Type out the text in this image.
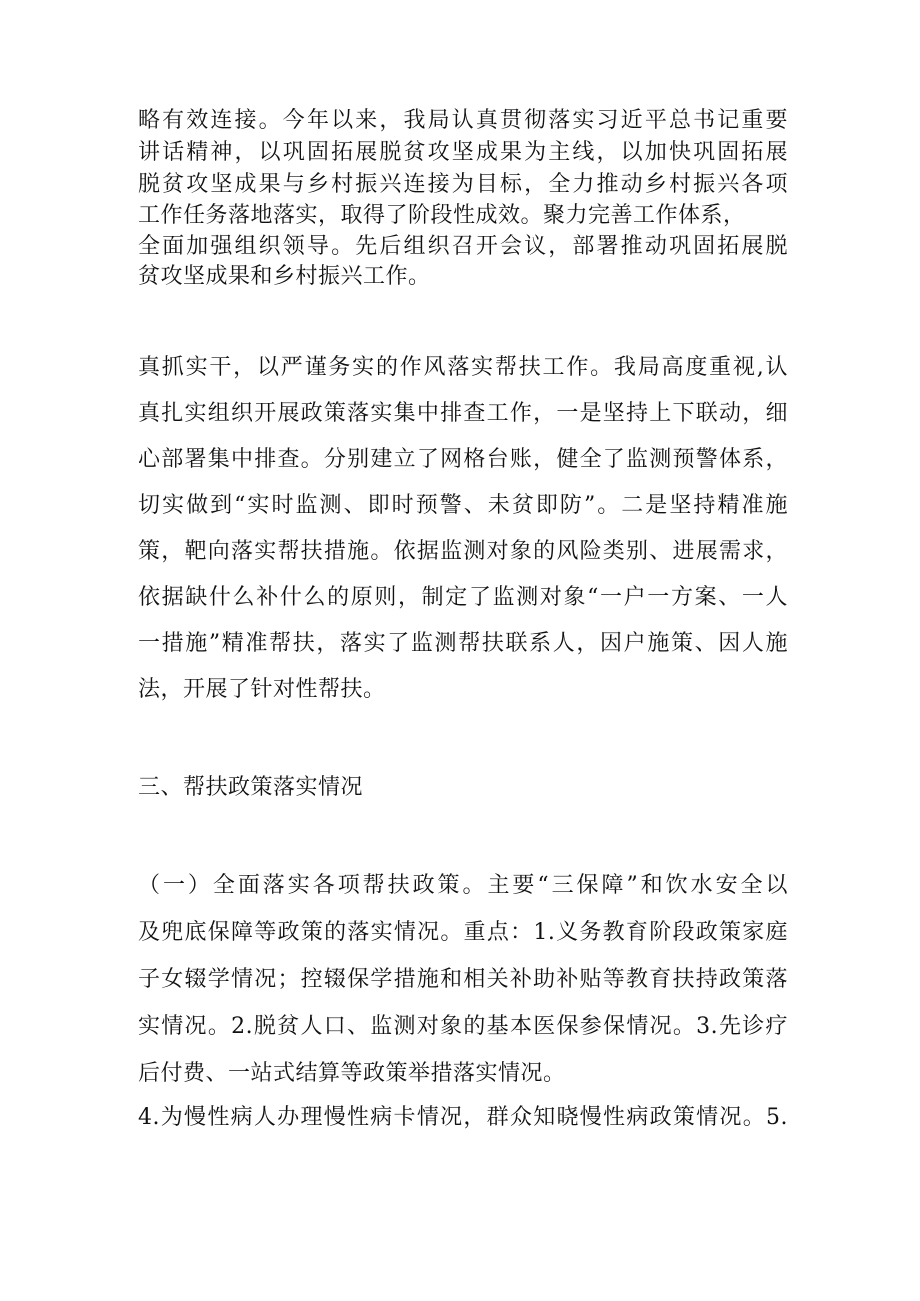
略有效连接。今年以来，我局认真贯彻落实习近平总书记重要
讲话精神，以巩固拓展脱贫攻坚成果为主线，以加快巩固拓展
脱贫攻坚成果与乡村振兴连接为目标，全力推动乡村振兴各项
工作任务落地落实，取得了阶段性成效。聚力完善工作体系，
全面加强组织领导。先后组织召开会议，部署推动巩固拓展脱
贫攻坚成果和乡村振兴工作。
真抓实干，以严谨务实的作风落实帮扶工作。我局高度重视,认
真扎实组织开展政策落实集中排查工作，一是坚持上下联动，细
心部署集中排查。分别建立了网格台账，健全了监测预警体系，
切实做到“实时监测、即时预警、未贫即防”。二是坚持精准施
策，靶向落实帮扶措施。依据监测对象的风险类别、进展需求，
依据缺什么补什么的原则，制定了监测对象“一户一方案、一人
一措施”精准帮扶，落实了监测帮扶联系人，因户施策、因人施
法，开展了针对性帮扶。
三、帮扶政策落实情况
（一）全面落实各项帮扶政策。主要“三保障”和饮水安全以
及兜底保障等政策的落实情况。重点：1.义务教育阶段政策家庭
子女辍学情况；控辍保学措施和相关补助补贴等教育扶持政策落
实情况。2.脱贫人口、监测对象的基本医保参保情况。3.先诊疗
后付费、一站式结算等政策举措落实情况。
4.为慢性病人办理慢性病卡情况，群众知晓慢性病政策情况。5.
